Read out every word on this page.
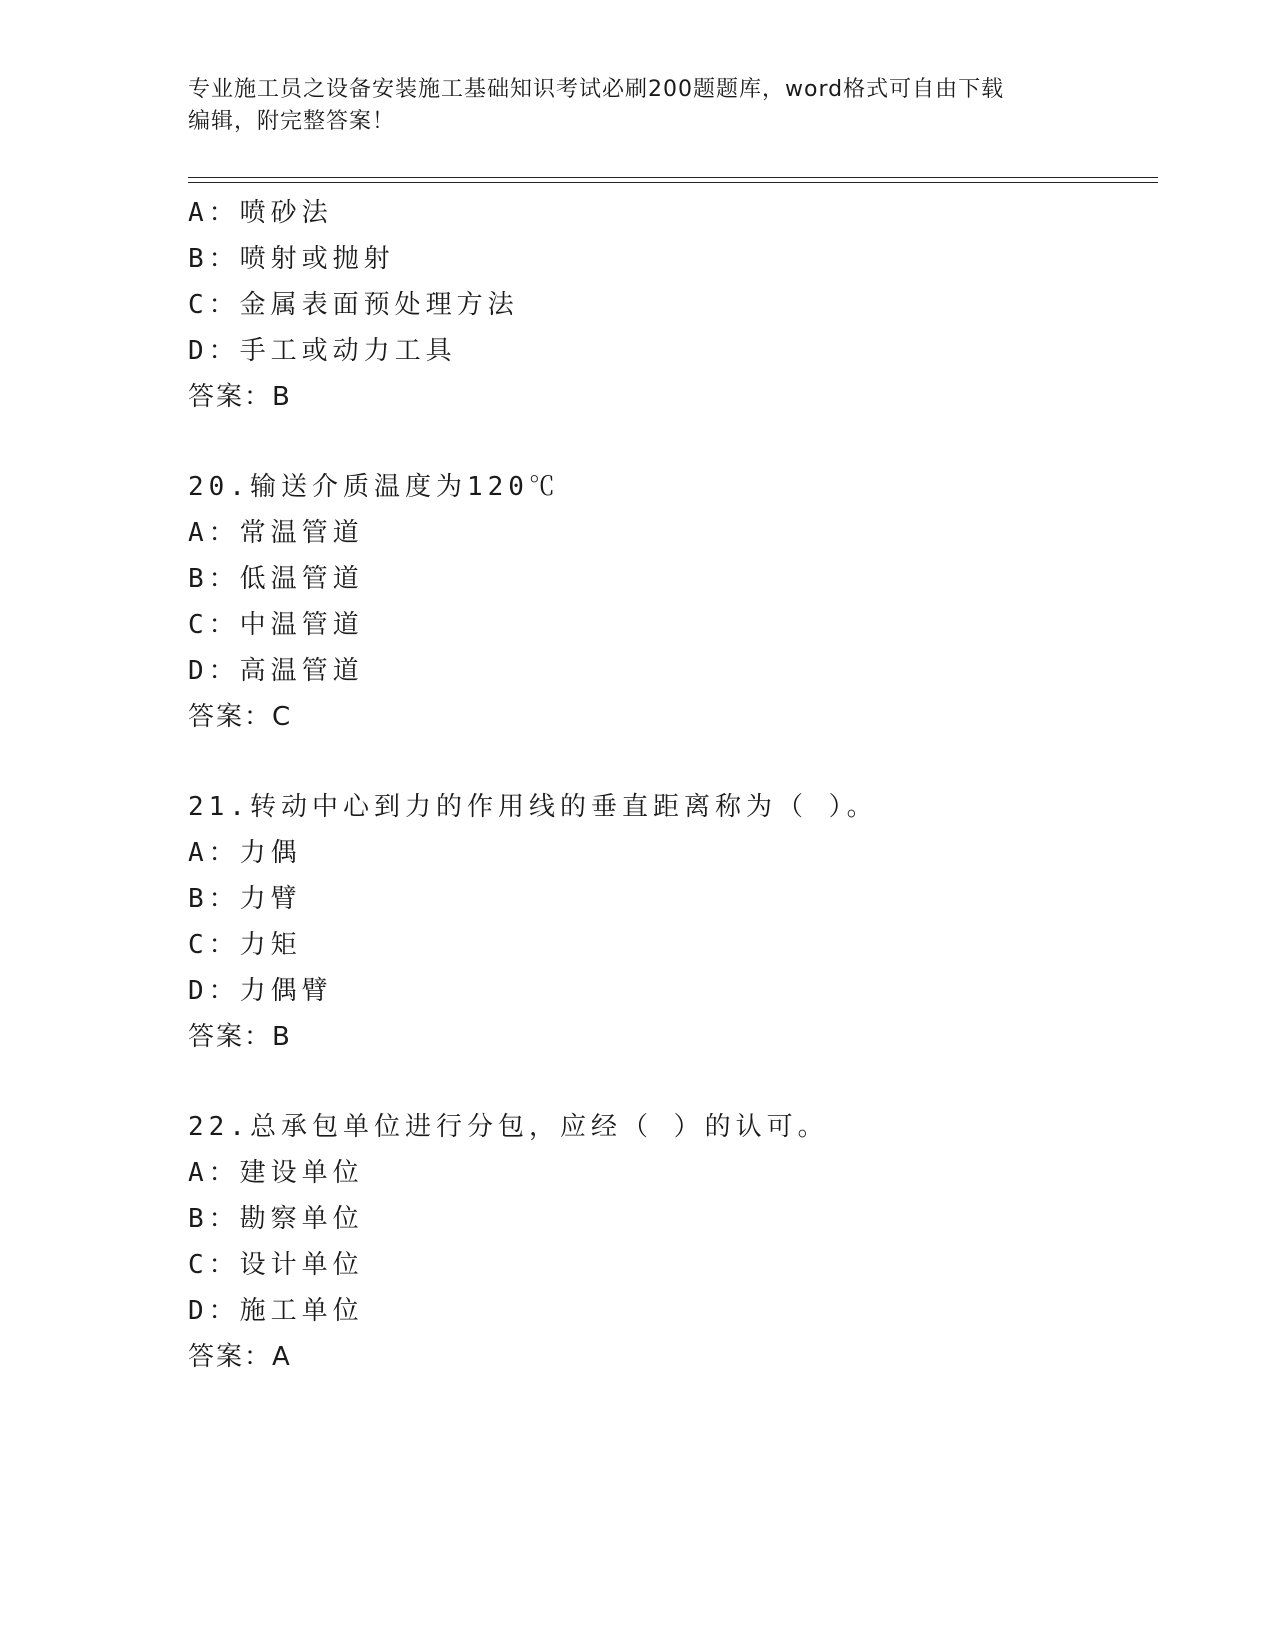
专业施工员之设备安装施工基础知识考试必刷200题题库，word格式可自由下载
编辑，附完整答案！
A：喷砂法
B：喷射或抛射
C：金属表面预处理方法
D：手工或动力工具
答案：B
20.输送介质温度为120℃
A：常温管道
B：低温管道
C：中温管道
D：高温管道
答案：C
21.转动中心到力的作用线的垂直距离称为（ ）。
A：力偶
B：力臂
C：力矩
D：力偶臂
答案：B
22.总承包单位进行分包，应经（ ）的认可。
A：建设单位
B：勘察单位
C：设计单位
D：施工单位
答案：A
